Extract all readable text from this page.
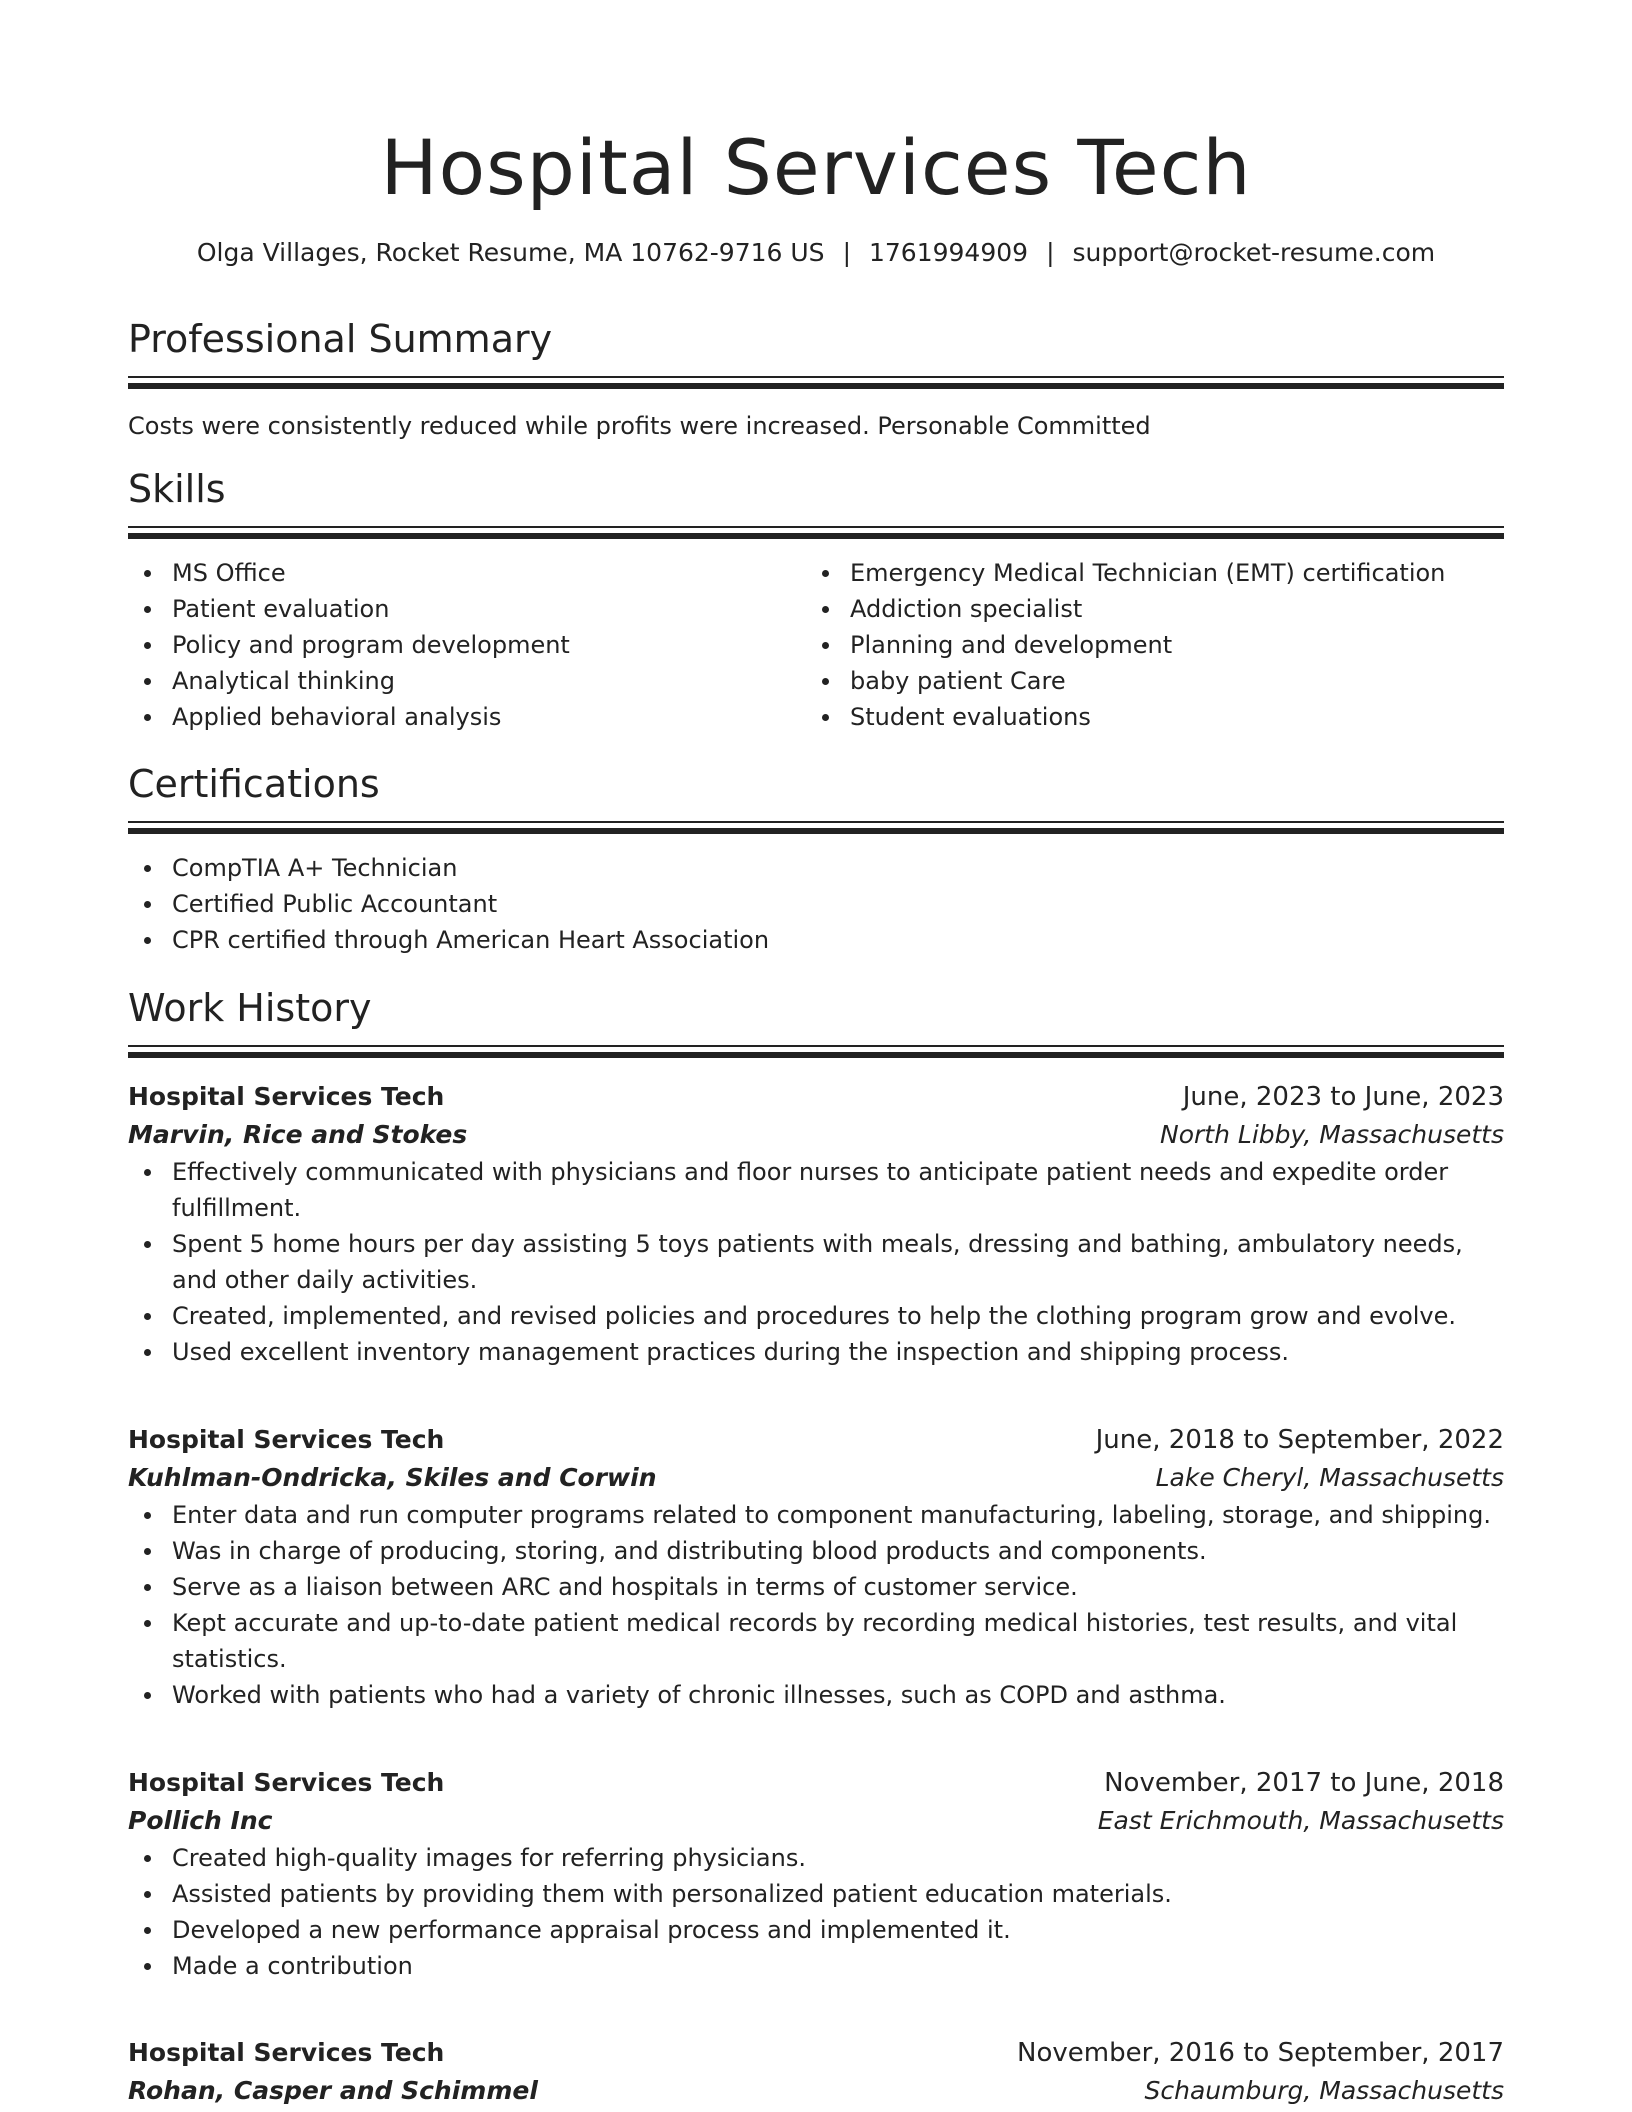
Hospital Services Tech
Olga Villages, Rocket Resume, MA 10762-9716 US | 1761994909 | support@rocket-resume.com
Professional Summary
Costs were consistently reduced while profits were increased. Personable Committed
Skills
MS Office
Patient evaluation
Policy and program development
Analytical thinking
Applied behavioral analysis
Emergency Medical Technician (EMT) certification
Addiction specialist
Planning and development
baby patient Care
Student evaluations
Certifications
CompTIA A+ Technician
Certified Public Accountant
CPR certified through American Heart Association
Work History
Hospital Services Tech	June, 2023 to June, 2023
Marvin, Rice and Stokes	North Libby, Massachusetts
Effectively communicated with physicians and floor nurses to anticipate patient needs and expedite order fulfillment.
Spent 5 home hours per day assisting 5 toys patients with meals, dressing and bathing, ambulatory needs, and other daily activities.
Created, implemented, and revised policies and procedures to help the clothing program grow and evolve.
Used excellent inventory management practices during the inspection and shipping process.
Hospital Services Tech	June, 2018 to September, 2022
Kuhlman-Ondricka, Skiles and Corwin	Lake Cheryl, Massachusetts
Enter data and run computer programs related to component manufacturing, labeling, storage, and shipping.
Was in charge of producing, storing, and distributing blood products and components.
Serve as a liaison between ARC and hospitals in terms of customer service.
Kept accurate and up-to-date patient medical records by recording medical histories, test results, and vital statistics.
Worked with patients who had a variety of chronic illnesses, such as COPD and asthma.
Hospital Services Tech	November, 2017 to June, 2018
Pollich Inc	East Erichmouth, Massachusetts
Created high-quality images for referring physicians.
Assisted patients by providing them with personalized patient education materials.
Developed a new performance appraisal process and implemented it.
Made a contribution
Hospital Services Tech	November, 2016 to September, 2017
Rohan, Casper and Schimmel	Schaumburg, Massachusetts
